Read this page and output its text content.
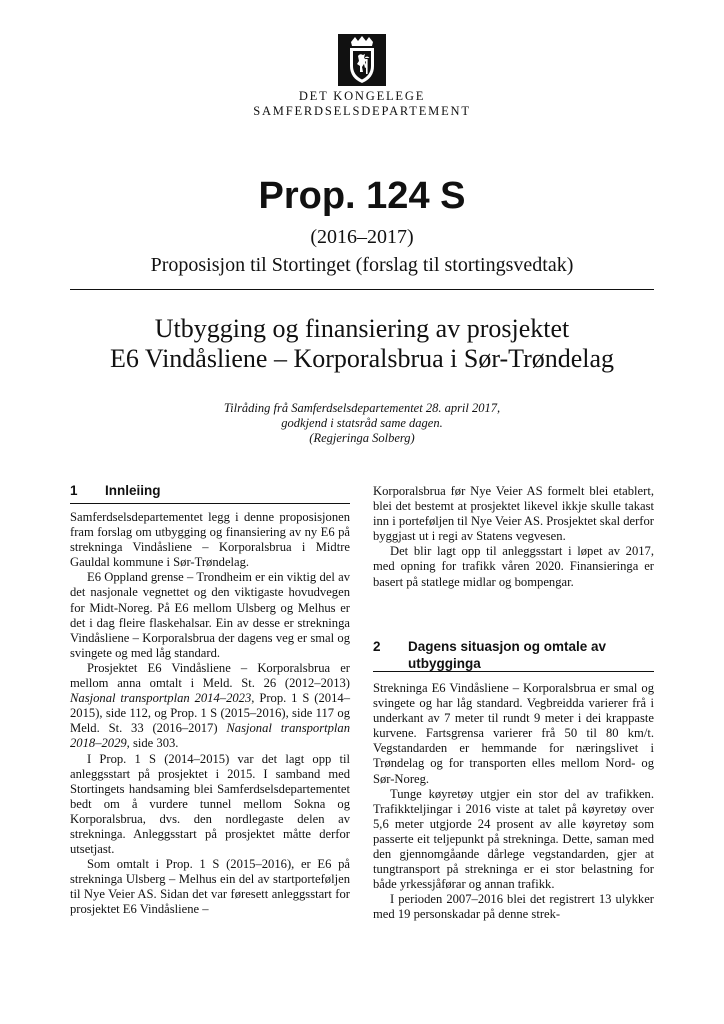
DET KONGELEGE
SAMFERDSELSDEPARTEMENT
Prop. 124 S
(2016–2017)
Proposisjon til Stortinget (forslag til stortingsvedtak)
Utbygging og finansiering av prosjektet
E6 Vindåsliene – Korporalsbrua i Sør-Trøndelag
Tilråding frå Samferdselsdepartementet 28. april 2017,
godkjend i statsråd same dagen.
(Regjeringa Solberg)
1 Innleiing

Samferdselsdepartementet legg i denne proposisjonen fram forslag om utbygging og finansiering av ny E6 på strekninga Vindåsliene – Korporalsbrua i Midtre Gauldal kommune i Sør-Trøndelag.

E6 Oppland grense – Trondheim er ein viktig del av det nasjonale vegnettet og den viktigaste hovudvegen for Midt-Noreg. På E6 mellom Ulsberg og Melhus er det i dag fleire flaskehalsar. Ein av desse er strekninga Vindåsliene – Korporalsbrua der dagens veg er smal og svingete og med låg standard.

Prosjektet E6 Vindåsliene – Korporalsbrua er mellom anna omtalt i Meld. St. 26 (2012–2013) Nasjonal transportplan 2014–2023, Prop. 1 S (2014–2015), side 112, og Prop. 1 S (2015–2016), side 117 og Meld. St. 33 (2016–2017) Nasjonal transportplan 2018–2029, side 303.

I Prop. 1 S (2014–2015) var det lagt opp til anleggsstart på prosjektet i 2015. I samband med Stortingets handsaming blei Samferdselsdepartementet bedt om å vurdere tunnel mellom Sokna og Korporalsbrua, dvs. den nordlegaste delen av strekninga. Anleggsstart på prosjektet måtte derfor utsetjast.

Som omtalt i Prop. 1 S (2015–2016), er E6 på strekninga Ulsberg – Melhus ein del av startporteføljen til Nye Veier AS. Sidan det var føresett anleggsstart for prosjektet E6 Vindåsliene –

Korporalsbrua før Nye Veier AS formelt blei etablert, blei det bestemt at prosjektet likevel ikkje skulle takast inn i porteføljen til Nye Veier AS. Prosjektet skal derfor byggjast ut i regi av Statens vegvesen.

Det blir lagt opp til anleggsstart i løpet av 2017, med opning for trafikk våren 2020. Finansieringa er basert på statlege midlar og bompengar.

2 Dagens situasjon og omtale av utbygginga

Strekninga E6 Vindåsliene – Korporalsbrua er smal og svingete og har låg standard. Vegbreidda varierer frå i underkant av 7 meter til rundt 9 meter i dei krappaste kurvene. Fartsgrensa varierer frå 50 til 80 km/t. Vegstandarden er hemmande for næringslivet i Trøndelag og for transporten elles mellom Nord- og Sør-Noreg.

Tunge køyretøy utgjer ein stor del av trafikken. Trafikkteljingar i 2016 viste at talet på køyretøy over 5,6 meter utgjorde 24 prosent av alle køyretøy som passerte eit teljepunkt på strekninga. Dette, saman med den gjennomgåande dårlege vegstandarden, gjer at tungtransport på strekninga er ei stor belastning for både yrkessjåførar og annan trafikk.

I perioden 2007–2016 blei det registrert 13 ulykker med 19 personskadar på denne strek-
